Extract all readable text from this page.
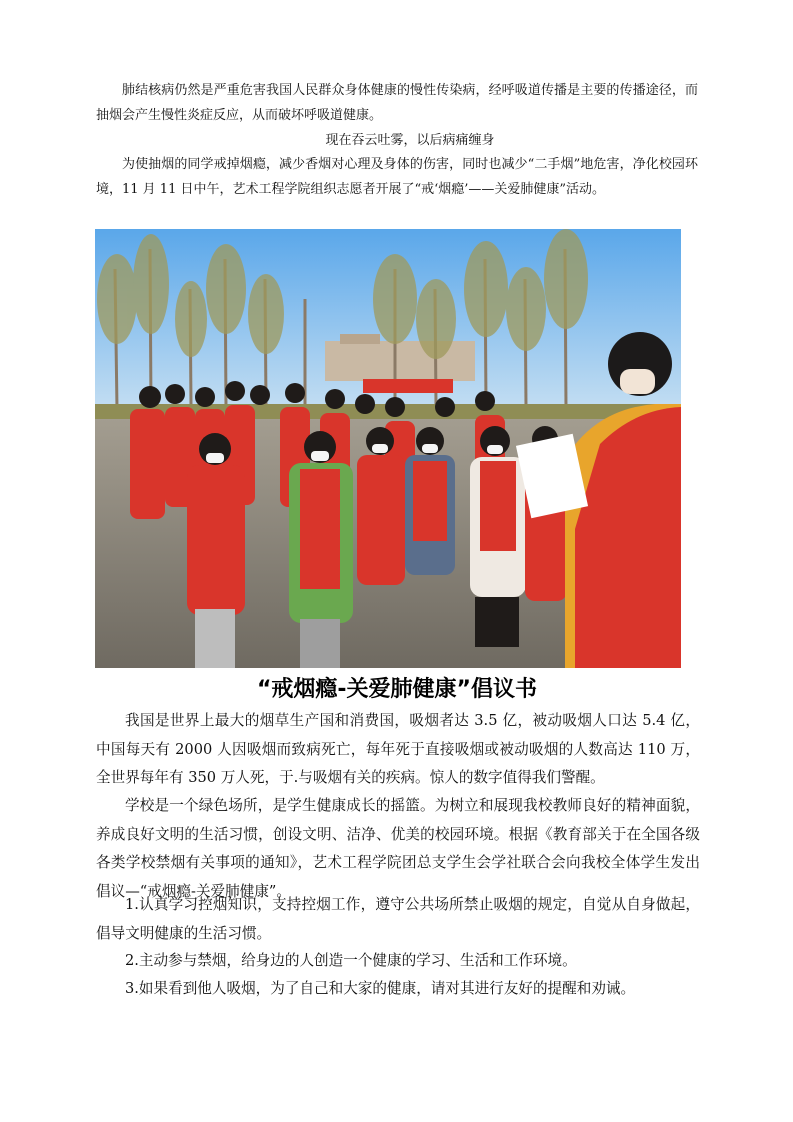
肺结核病仍然是严重危害我国人民群众身体健康的慢性传染病，经呼吸道传播是主要的传播途径，而抽烟会产生慢性炎症反应，从而破坏呼吸道健康。

现在吞云吐雾，以后病痛缠身

为使抽烟的同学戒掉烟瘾，减少香烟对心理及身体的伤害，同时也减少“二手烟”地危害，净化校园环境，11 月 11 日中午，艺术工程学院组织志愿者开展了“戒‘烟瘾’——关爱肺健康”活动。

“戒烟瘾-关爱肺健康”倡议书

我国是世界上最大的烟草生产国和消费国，吸烟者达 3.5 亿，被动吸烟人口达 5.4 亿，中国每天有 2000 人因吸烟而致病死亡，每年死于直接吸烟或被动吸烟的人数高达 110 万，全世界每年有 350 万人死，于.与吸烟有关的疾病。惊人的数字值得我们警醒。

学校是一个绿色场所，是学生健康成长的摇篮。为树立和展现我校教师良好的精神面貌，养成良好文明的生活习惯，创设文明、洁净、优美的校园环境。根据《教育部关于在全国各级各类学校禁烟有关事项的通知》，艺术工程学院团总支学生会学社联合会向我校全体学生发出倡议—“戒烟瘾-关爱肺健康”。

1.认真学习控烟知识，支持控烟工作，遵守公共场所禁止吸烟的规定，自觉从自身做起，倡导文明健康的生活习惯。

2.主动参与禁烟，给身边的人创造一个健康的学习、生活和工作环境。

3.如果看到他人吸烟，为了自己和大家的健康，请对其进行友好的提醒和劝诫。
